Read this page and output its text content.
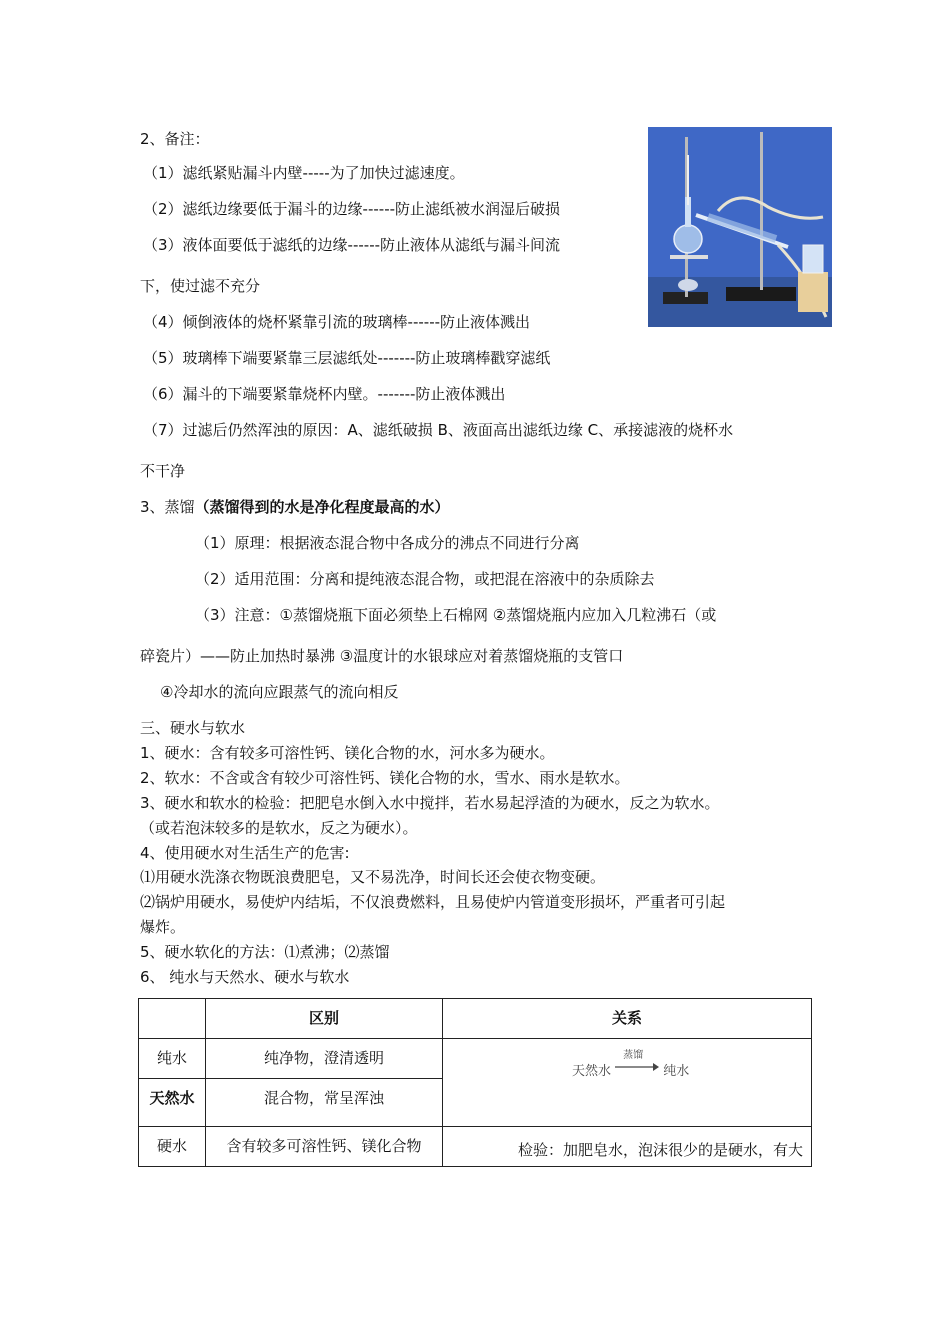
2、备注：
（1）滤纸紧贴漏斗内壁-----为了加快过滤速度。
（2）滤纸边缘要低于漏斗的边缘------防止滤纸被水润湿后破损
（3）液体面要低于滤纸的边缘------防止液体从滤纸与漏斗间流
下，使过滤不充分
（4）倾倒液体的烧杯紧靠引流的玻璃棒------防止液体溅出
（5）玻璃棒下端要紧靠三层滤纸处-------防止玻璃棒戳穿滤纸
（6）漏斗的下端要紧靠烧杯内壁。-------防止液体溅出
（7）过滤后仍然浑浊的原因：A、滤纸破损 B、液面高出滤纸边缘 C、承接滤液的烧杯水
不干净
3、蒸馏（蒸馏得到的水是净化程度最高的水）
（1）原理：根据液态混合物中各成分的沸点不同进行分离
（2）适用范围：分离和提纯液态混合物，或把混在溶液中的杂质除去
（3）注意：①蒸馏烧瓶下面必须垫上石棉网 ②蒸馏烧瓶内应加入几粒沸石（或
碎瓷片）——防止加热时暴沸 ③温度计的水银球应对着蒸馏烧瓶的支管口
④冷却水的流向应跟蒸气的流向相反
三、硬水与软水
1、硬水：含有较多可溶性钙、镁化合物的水，河水多为硬水。
2、软水：不含或含有较少可溶性钙、镁化合物的水，雪水、雨水是软水。
3、硬水和软水的检验：把肥皂水倒入水中搅拌，若水易起浮渣的为硬水，反之为软水。
（或若泡沫较多的是软水，反之为硬水）。
4、使用硬水对生活生产的危害:
⑴用硬水洗涤衣物既浪费肥皂，又不易洗净，时间长还会使衣物变硬。
⑵锅炉用硬水，易使炉内结垢，不仅浪费燃料，且易使炉内管道变形损坏，严重者可引起
爆炸。
5、硬水软化的方法：⑴煮沸；⑵蒸馏
6、 纯水与天然水、硬水与软水
	区别	关系
纯水	纯净物，澄清透明	
天然水	混合物，常呈浑浊	
硬水	含有较多可溶性钙、镁化合物	检验：加肥皂水，泡沫很少的是硬水，有大
天然水
蒸馏
纯水
